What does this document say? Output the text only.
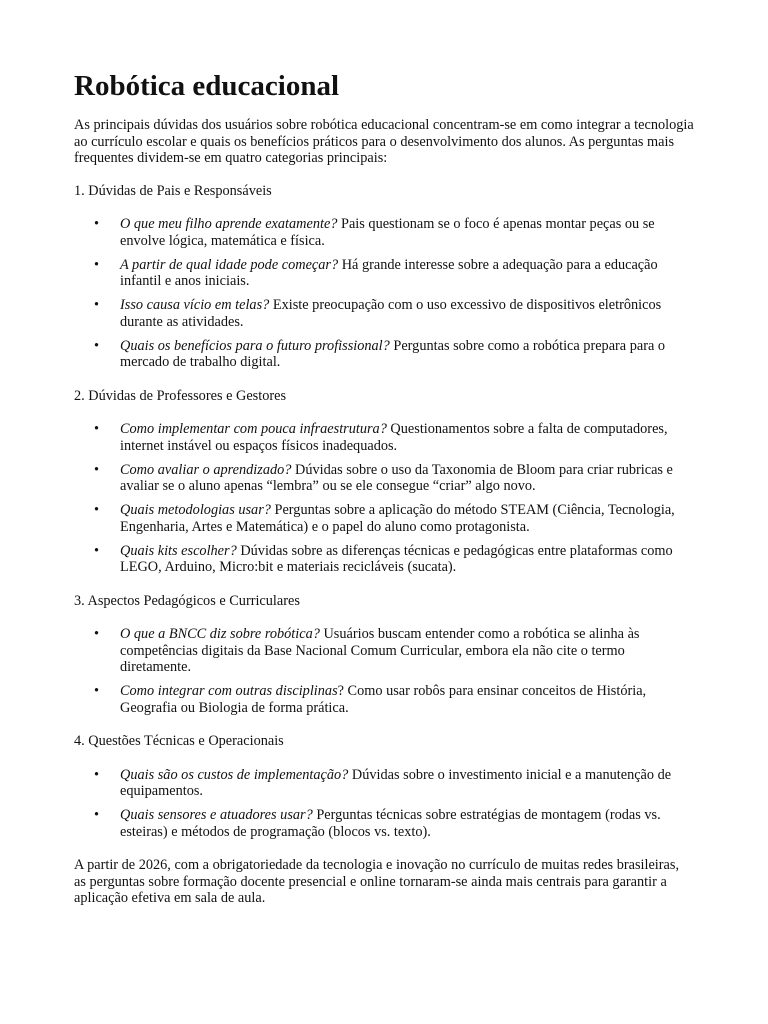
Robótica educacional

As principais dúvidas dos usuários sobre robótica educacional concentram-se em como integrar a tecnologia ao currículo escolar e quais os benefícios práticos para o desenvolvimento dos alunos. As perguntas mais frequentes dividem-se em quatro categorias principais:

1. Dúvidas de Pais e Responsáveis

• O que meu filho aprende exatamente? Pais questionam se o foco é apenas montar peças ou se envolve lógica, matemática e física.
• A partir de qual idade pode começar? Há grande interesse sobre a adequação para a educação infantil e anos iniciais.
• Isso causa vício em telas? Existe preocupação com o uso excessivo de dispositivos eletrônicos durante as atividades.
• Quais os benefícios para o futuro profissional? Perguntas sobre como a robótica prepara para o mercado de trabalho digital.

2. Dúvidas de Professores e Gestores

• Como implementar com pouca infraestrutura? Questionamentos sobre a falta de computadores, internet instável ou espaços físicos inadequados.
• Como avaliar o aprendizado? Dúvidas sobre o uso da Taxonomia de Bloom para criar rubricas e avaliar se o aluno apenas “lembra” ou se ele consegue “criar” algo novo.
• Quais metodologias usar? Perguntas sobre a aplicação do método STEAM (Ciência, Tecnologia, Engenharia, Artes e Matemática) e o papel do aluno como protagonista.
• Quais kits escolher? Dúvidas sobre as diferenças técnicas e pedagógicas entre plataformas como LEGO, Arduino, Micro:bit e materiais recicláveis (sucata).

3. Aspectos Pedagógicos e Curriculares

• O que a BNCC diz sobre robótica? Usuários buscam entender como a robótica se alinha às competências digitais da Base Nacional Comum Curricular, embora ela não cite o termo diretamente.
• Como integrar com outras disciplinas? Como usar robôs para ensinar conceitos de História, Geografia ou Biologia de forma prática.

4. Questões Técnicas e Operacionais

• Quais são os custos de implementação? Dúvidas sobre o investimento inicial e a manutenção de equipamentos.
• Quais sensores e atuadores usar? Perguntas técnicas sobre estratégias de montagem (rodas vs. esteiras) e métodos de programação (blocos vs. texto).

A partir de 2026, com a obrigatoriedade da tecnologia e inovação no currículo de muitas redes brasileiras, as perguntas sobre formação docente presencial e online tornaram-se ainda mais centrais para garantir a aplicação efetiva em sala de aula.
